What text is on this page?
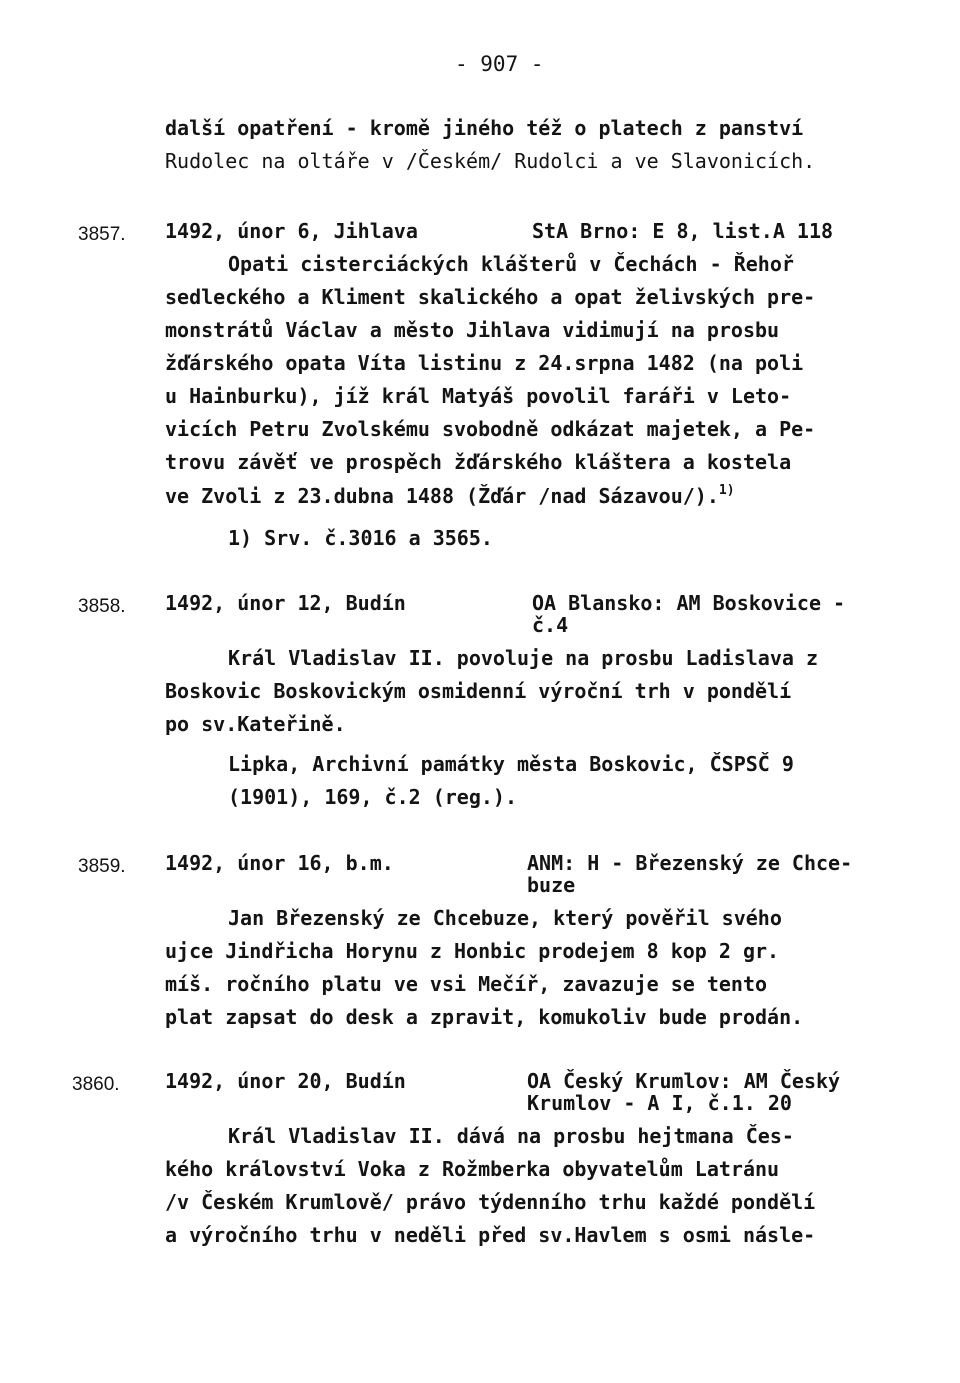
- 907 -
další opatření - kromě jiného též o platech z panství
Rudolec na oltáře v /Českém/ Rudolci a ve Slavonicích.
3857. 1492, únor 6, Jihlava	StA Brno: E 8, list.A 118
Opati cisterciáckých klášterů v Čechách - Řehoř
sedleckého a Kliment skalického a opat želivských pre-
monstrátů Václav a město Jihlava vidimují na prosbu
žďárského opata Víta listinu z 24.srpna 1482 (na poli
u Hainburku), jíž král Matyáš povolil faráři v Leto-
vicích Petru Zvolskému svobodně odkázat majetek, a Pe-
trovu závěť ve prospěch žďárského kláštera a kostela
ve Zvoli z 23.dubna 1488 (Žďár /nad Sázavou/).$^{1)}$
1) Srv. č.3016 a 3565.
3858. 1492, únor 12, Budín	OA Blansko: AM Boskovice -
č.4
Král Vladislav II. povoluje na prosbu Ladislava z
Boskovic Boskovickým osmidenní výroční trh v pondělí
po sv.Kateřině.
Lipka, Archivní památky města Boskovic, ČSPSČ 9
(1901), 169, č.2 (reg.).
3859. 1492, únor 16, b.m.	ANM: H - Březenský ze Chce-
buze
Jan Březenský ze Chcebuze, který pověřil svého
ujce Jindřicha Horynu z Honbic prodejem 8 kop 2 gr.
míš. ročního platu ve vsi Mečíř, zavazuje se tento
plat zapsat do desk a zpravit, komukoliv bude prodán.
3860. 1492, únor 20, Budín	OA Český Krumlov: AM Český
Krumlov - A I, č.1. 20
Král Vladislav II. dává na prosbu hejtmana Čes-
kého království Voka z Rožmberka obyvatelům Latránu
/v Českém Krumlově/ právo týdenního trhu každé pondělí
a výročního trhu v neděli před sv.Havlem s osmi násle-
